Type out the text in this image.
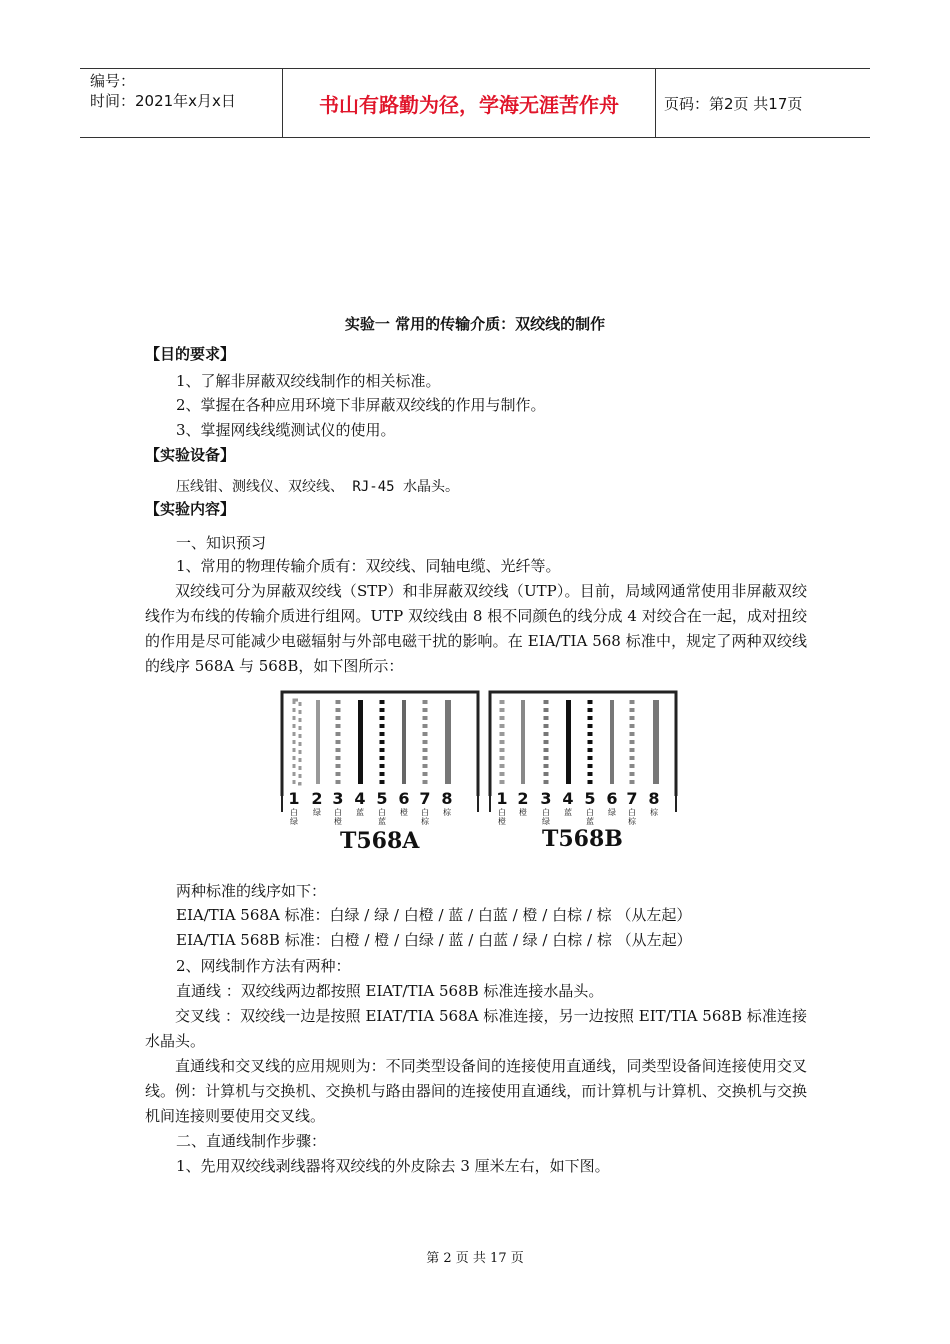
编号：
时间：2021年x月x日	书山有路勤为径，学海无涯苦作舟	页码：第2页 共17页
实验一 常用的传输介质：双绞线的制作
【目的要求】
1、了解非屏蔽双绞线制作的相关标准。
2、掌握在各种应用环境下非屏蔽双绞线的作用与制作。
3、掌握网线线缆测试仪的使用。
【实验设备】
压线钳、测线仪、双绞线、 RJ-45 水晶头。
【实验内容】
一、知识预习
1、常用的物理传输介质有：双绞线、同轴电缆、光纤等。

双绞线可分为屏蔽双绞线（STP）和非屏蔽双绞线（UTP）。目前，局域网通常使用非屏蔽双绞线作为布线的传输介质进行组网。UTP 双绞线由 8 根不同颜色的线分成 4 对绞合在一起，成对扭绞的作用是尽可能减少电磁辐射与外部电磁干扰的影响。在 EIA/TIA 568 标准中，规定了两种双绞线的线序 568A 与 568B，如下图所示：

1
白
绿
2
绿
3
白
橙
4
蓝
5
白
蓝
6
橙
7
白
棕
8
棕
1
白
橙
2
橙
3
白
绿
4
蓝
5
白
蓝
6
绿
7
白
棕
8
棕
T568A	T568B
两种标准的线序如下：
EIA/TIA 568A 标准：白绿 / 绿 / 白橙 / 蓝 / 白蓝 / 橙 / 白棕 / 棕 （从左起）
EIA/TIA 568B 标准：白橙 / 橙 / 白绿 / 蓝 / 白蓝 / 绿 / 白棕 / 棕 （从左起）
2、网线制作方法有两种：
直通线 ：双绞线两边都按照 EIAT/TIA 568B 标准连接水晶头。

交叉线 ：双绞线一边是按照 EIAT/TIA 568A 标准连接，另一边按照 EIT/TIA 568B 标准连接水晶头。

直通线和交叉线的应用规则为：不同类型设备间的连接使用直通线，同类型设备间连接使用交叉线。例：计算机与交换机、交换机与路由器间的连接使用直通线，而计算机与计算机、交换机与交换机间连接则要使用交叉线。

二、直通线制作步骤：
1、先用双绞线剥线器将双绞线的外皮除去 3 厘米左右，如下图。
第 2 页 共 17 页
